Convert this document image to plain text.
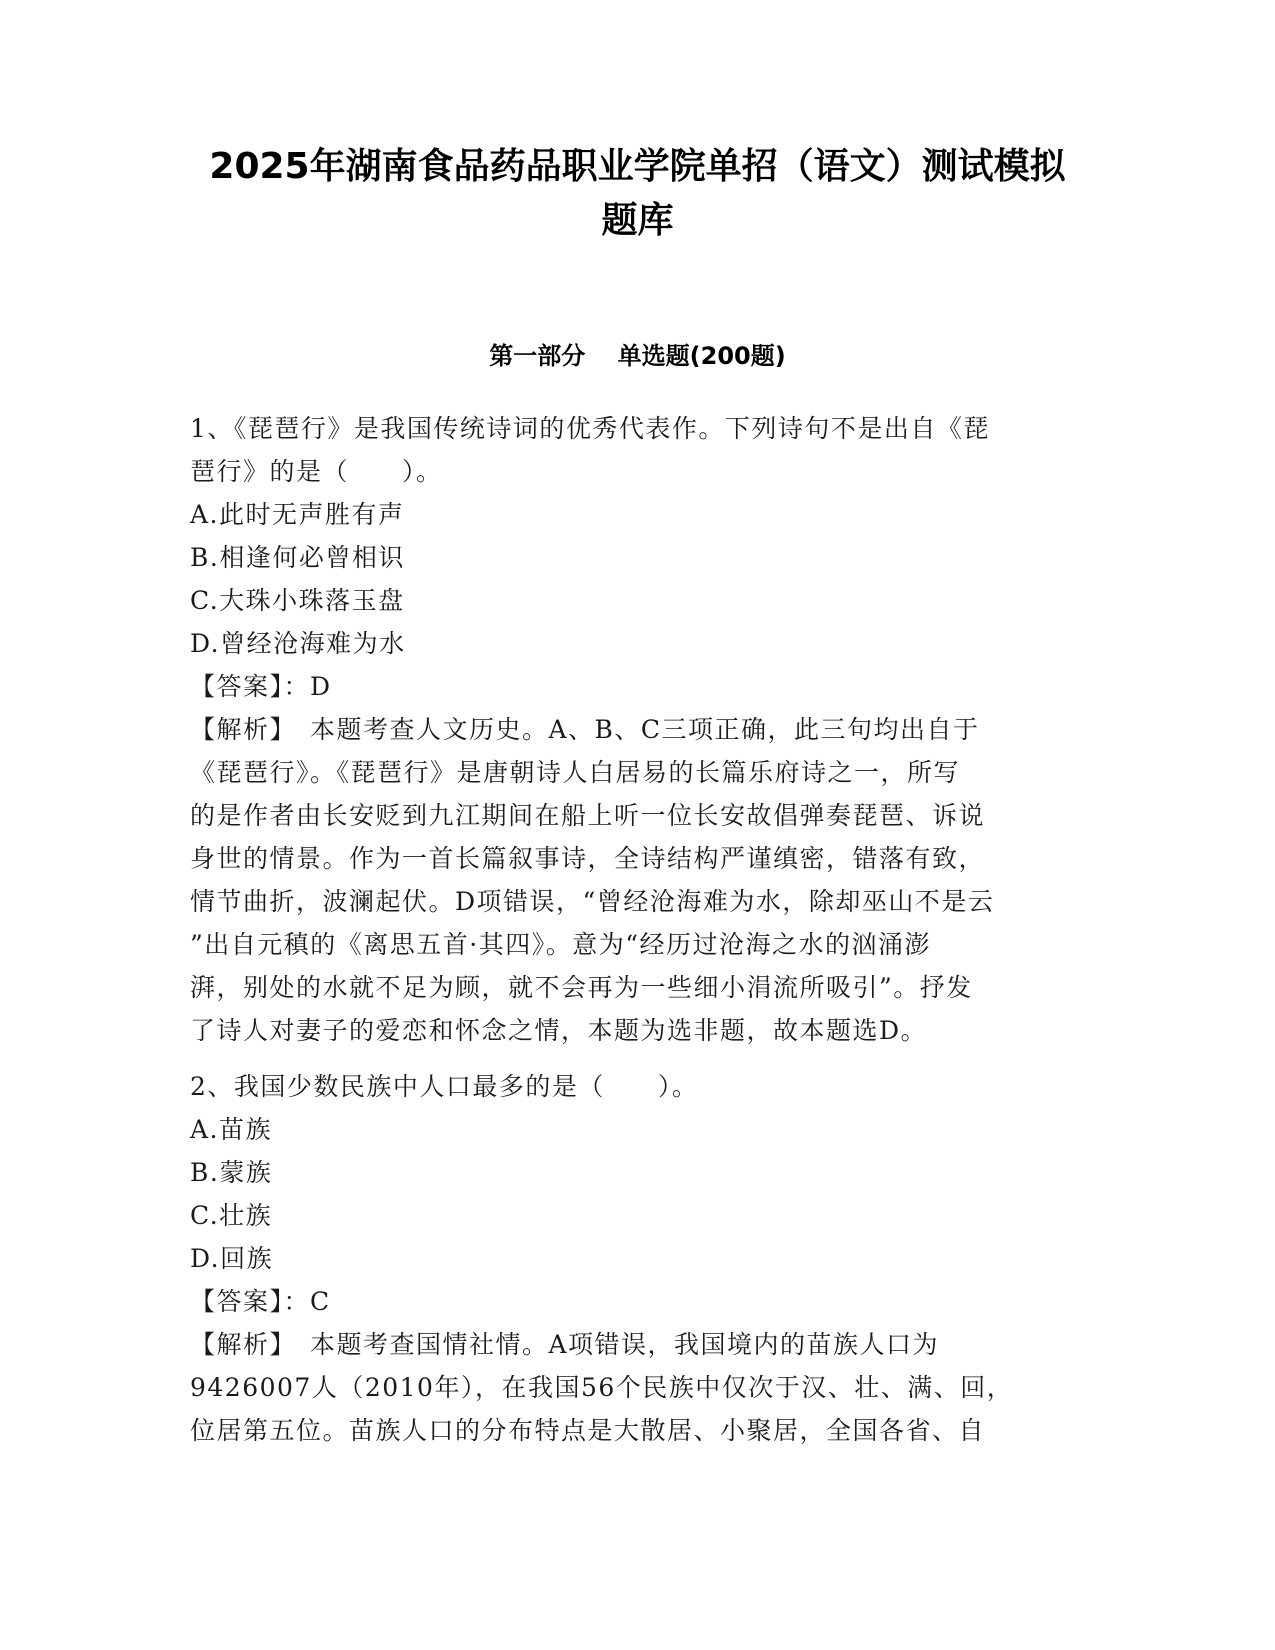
2025年湖南食品药品职业学院单招（语文）测试模拟
题库
第一部分　 单选题(200题)
1、《琵琶行》是我国传统诗词的优秀代表作。下列诗句不是出自《琵
琶行》的是（　　）。
A.此时无声胜有声
B.相逢何必曾相识
C.大珠小珠落玉盘
D.曾经沧海难为水
【答案】：D
【解析】　本题考查人文历史。A、B、C三项正确，此三句均出自于
《琵琶行》。《琵琶行》是唐朝诗人白居易的长篇乐府诗之一，所写
的是作者由长安贬到九江期间在船上听一位长安故倡弹奏琵琶、诉说
身世的情景。作为一首长篇叙事诗，全诗结构严谨缜密，错落有致，
情节曲折，波澜起伏。D项错误，“曾经沧海难为水，除却巫山不是云
”出自元稹的《离思五首·其四》。意为“经历过沧海之水的汹涌澎
湃，别处的水就不足为顾，就不会再为一些细小涓流所吸引”。抒发
了诗人对妻子的爱恋和怀念之情，本题为选非题，故本题选D。
2、我国少数民族中人口最多的是（　　）。
A.苗族
B.蒙族
C.壮族
D.回族
【答案】：C
【解析】　本题考查国情社情。A项错误，我国境内的苗族人口为
9426007人（2010年），在我国56个民族中仅次于汉、壮、满、回，
位居第五位。苗族人口的分布特点是大散居、小聚居，全国各省、自
